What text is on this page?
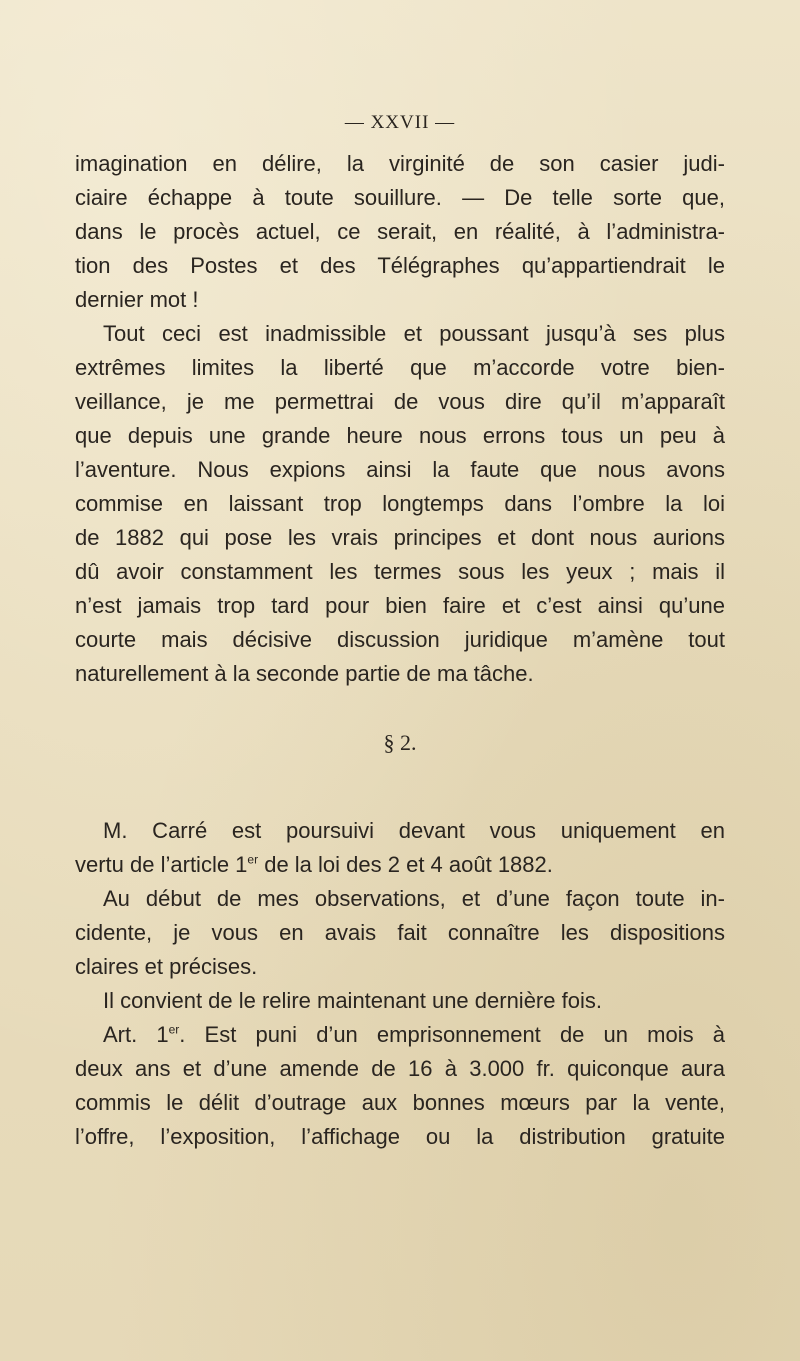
— XXVII —
imagination en délire, la virginité de son casier judi-
ciaire échappe à toute souillure. — De telle sorte que,
dans le procès actuel, ce serait, en réalité, à l’administra-
tion des Postes et des Télégraphes qu’appartiendrait le
dernier mot !
Tout ceci est inadmissible et poussant jusqu’à ses plus
extrêmes limites la liberté que m’accorde votre bien-
veillance, je me permettrai de vous dire qu’il m’apparaît
que depuis une grande heure nous errons tous un peu à
l’aventure. Nous expions ainsi la faute que nous avons
commise en laissant trop longtemps dans l’ombre la loi
de 1882 qui pose les vrais principes et dont nous aurions
dû avoir constamment les termes sous les yeux ; mais il
n’est jamais trop tard pour bien faire et c’est ainsi qu’une
courte mais décisive discussion juridique m’amène tout
naturellement à la seconde partie de ma tâche.
§ 2.
M. Carré est poursuivi devant vous uniquement en
vertu de l’article 1er de la loi des 2 et 4 août 1882.
Au début de mes observations, et d’une façon toute in-
cidente, je vous en avais fait connaître les dispositions
claires et précises.
Il convient de le relire maintenant une dernière fois.
Art. 1er. Est puni d’un emprisonnement de un mois à
deux ans et d’une amende de 16 à 3.000 fr. quiconque aura
commis le délit d’outrage aux bonnes mœurs par la vente,
l’offre, l’exposition, l’affichage ou la distribution gratuite
